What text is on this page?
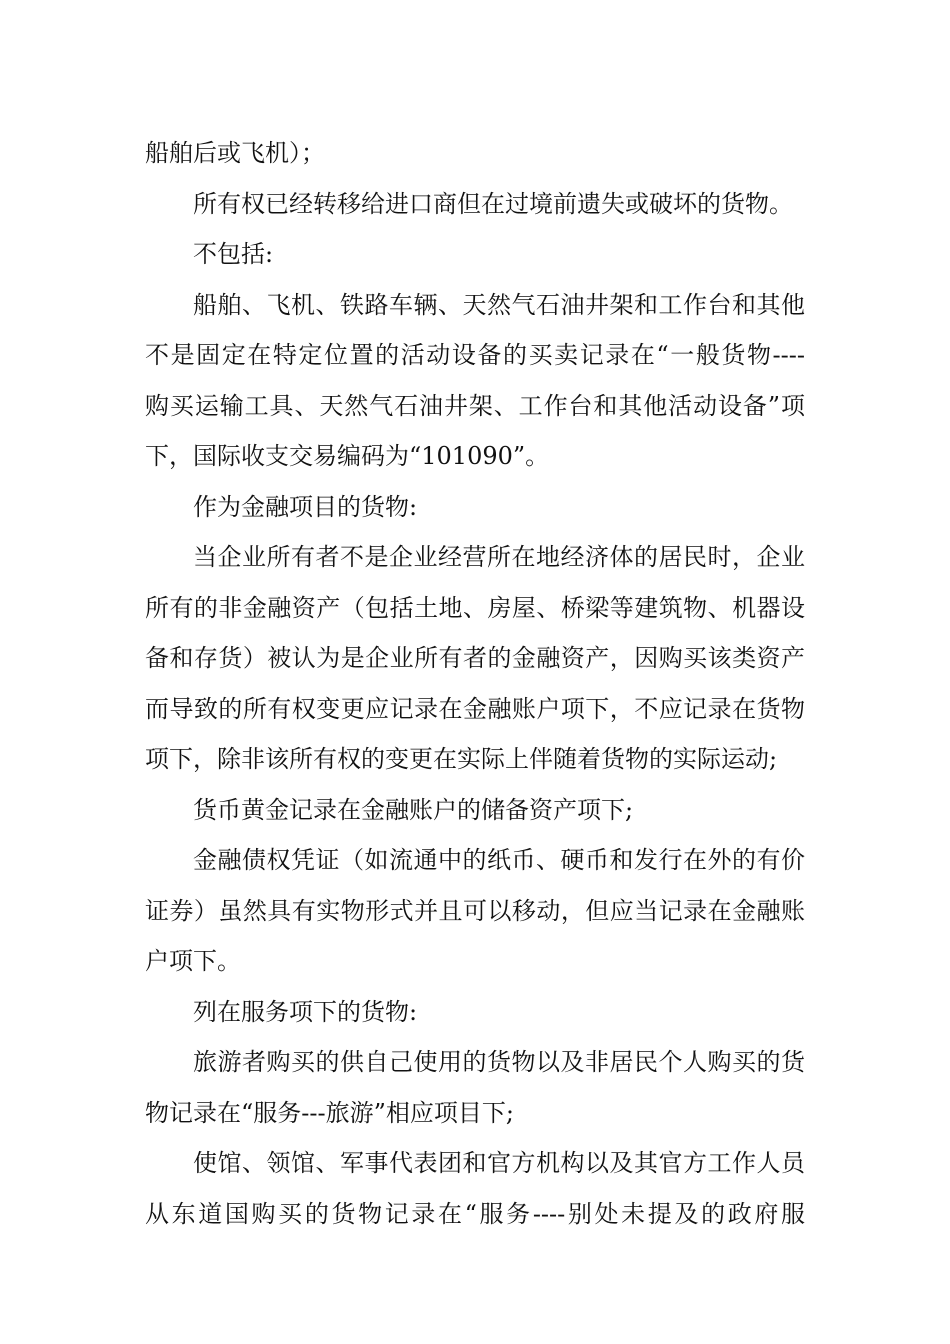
船舶后或飞机）；
所有权已经转移给进口商但在过境前遗失或破坏的货物。
不包括:
船舶、飞机、铁路车辆、天然气石油井架和工作台和其他
不是固定在特定位置的活动设备的买卖记录在“一般货物----
购买运输工具、天然气石油井架、工作台和其他活动设备”项
下，国际收支交易编码为“101090”。
作为金融项目的货物:
当企业所有者不是企业经营所在地经济体的居民时，企业
所有的非金融资产（包括土地、房屋、桥梁等建筑物、机器设
备和存货）被认为是企业所有者的金融资产，因购买该类资产
而导致的所有权变更应记录在金融账户项下，不应记录在货物
项下，除非该所有权的变更在实际上伴随着货物的实际运动;
货币黄金记录在金融账户的储备资产项下;
金融债权凭证（如流通中的纸币、硬币和发行在外的有价
证券）虽然具有实物形式并且可以移动，但应当记录在金融账
户项下。
列在服务项下的货物:
旅游者购买的供自己使用的货物以及非居民个人购买的货
物记录在“服务---旅游”相应项目下;
使馆、领馆、军事代表团和官方机构以及其官方工作人员
从东道国购买的货物记录在“服务----别处未提及的政府服
